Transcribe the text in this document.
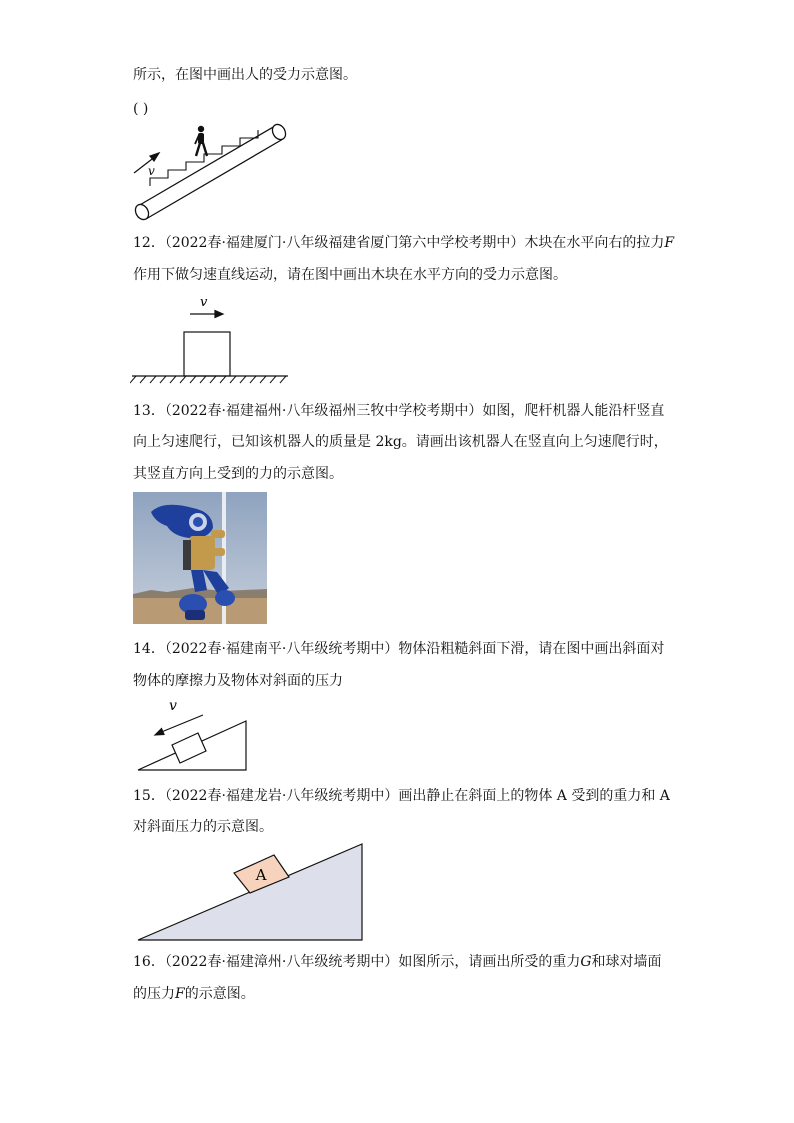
所示，在图中画出人的受力示意图。
( )
v
12．（2022春·福建厦门·八年级福建省厦门第六中学校考期中）木块在水平向右的拉力F
作用下做匀速直线运动，请在图中画出木块在水平方向的受力示意图。
v
13．（2022春·福建福州·八年级福州三牧中学校考期中）如图，爬杆机器人能沿杆竖直
向上匀速爬行，已知该机器人的质量是 2kg。请画出该机器人在竖直向上匀速爬行时，
其竖直方向上受到的力的示意图。
14．（2022春·福建南平·八年级统考期中）物体沿粗糙斜面下滑，请在图中画出斜面对
物体的摩擦力及物体对斜面的压力
v
15．（2022春·福建龙岩·八年级统考期中）画出静止在斜面上的物体 A 受到的重力和 A
对斜面压力的示意图。
A
16．（2022春·福建漳州·八年级统考期中）如图所示，请画出所受的重力G和球对墙面
的压力F的示意图。
